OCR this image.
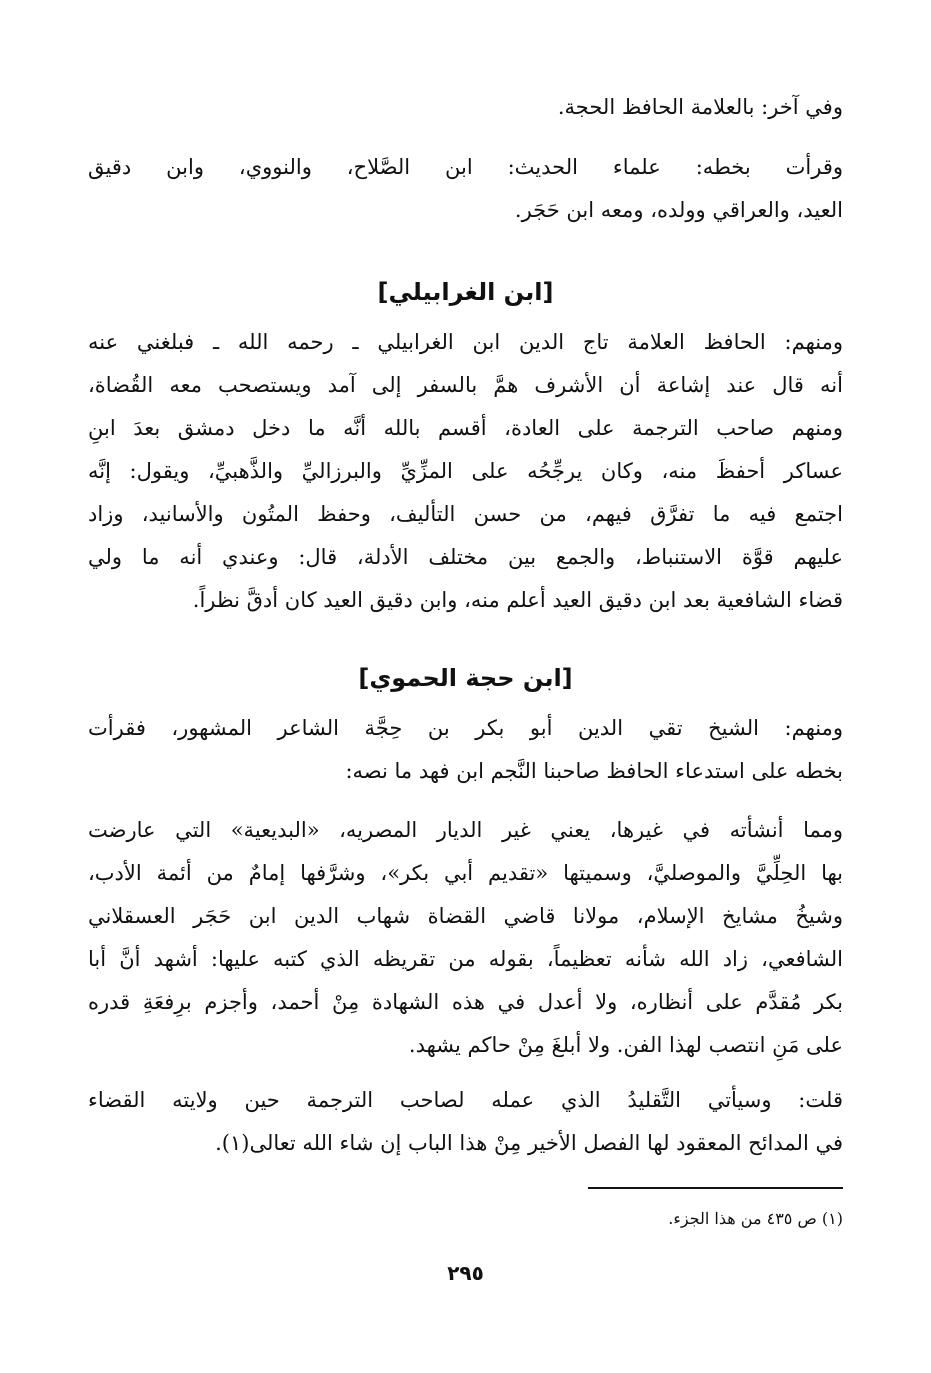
وفي آخر: بالعلامة الحافظ الحجة.
وقرأت بخطه: علماء الحديث: ابن الصَّلاح، والنووي، وابن دقيق
العيد، والعراقي وولده، ومعه ابن حَجَر.
[ابن الغرابيلي]
ومنهم: الحافظ العلامة تاج الدين ابن الغرابيلي ـ رحمه الله ـ فبلغني عنه
أنه قال عند إشاعة أن الأشرف همَّ بالسفر إلى آمد ويستصحب معه القُضاة،
ومنهم صاحب الترجمة على العادة، أقسم بالله أنَّه ما دخل دمشق بعدَ ابنِ
عساكر أحفظَ منه، وكان يرجِّحُه على المزِّيِّ والبرزاليِّ والذَّهبيِّ، ويقول: إنَّه
اجتمع فيه ما تفرَّق فيهم، من حسن التأليف، وحفظ المتُون والأسانيد، وزاد
عليهم قوَّة الاستنباط، والجمع بين مختلف الأدلة، قال: وعندي أنه ما ولي
قضاء الشافعية بعد ابن دقيق العيد أعلم منه، وابن دقيق العيد كان أدقَّ نظراً.
[ابن حجة الحموي]
ومنهم: الشيخ تقي الدين أبو بكر بن حِجَّة الشاعر المشهور، فقرأت
بخطه على استدعاء الحافظ صاحبنا النَّجم ابن فهد ما نصه:
ومما أنشأته في غيرها، يعني غير الديار المصريه، «البديعية» التي عارضت
بها الحِلِّيَّ والموصليَّ، وسميتها «تقديم أبي بكر»، وشرَّفها إمامٌ من أئمة الأدب،
وشيخُ مشايخ الإسلام، مولانا قاضي القضاة شهاب الدين ابن حَجَر العسقلاني
الشافعي، زاد الله شأنه تعظيماً، بقوله من تقريظه الذي كتبه عليها: أشهد أنَّ أبا
بكر مُقدَّم على أنظاره، ولا أعدل في هذه الشهادة مِنْ أحمد، وأجزم برِفعَةِ قدره
على مَنِ انتصب لهذا الفن. ولا أبلغَ مِنْ حاكم يشهد.
قلت: وسيأتي التَّقليدُ الذي عمله لصاحب الترجمة حين ولايته القضاء
في المدائح المعقود لها الفصل الأخير مِنْ هذا الباب إن شاء الله تعالى(١).
(١) ص ٤٣٥ من هذا الجزء.
٢٩٥
